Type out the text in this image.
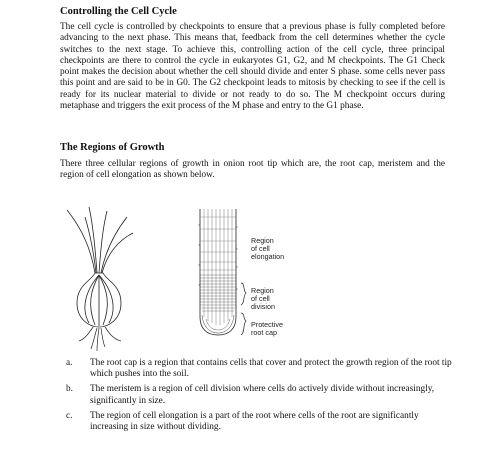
Controlling the Cell Cycle
The cell cycle is controlled by checkpoints to ensure that a previous phase is fully completed before advancing to the next phase. This means that, feedback from the cell determines whether the cycle switches to the next stage. To achieve this, controlling action of the cell cycle, three principal checkpoints are there to control the cycle in eukaryotes G1, G2, and M checkpoints. The G1 Check point makes the decision about whether the cell should divide and enter S phase. some cells never pass this point and are said to be in G0. The G2 checkpoint leads to mitosis by checking to see if the cell is ready for its nuclear material to divide or not ready to do so. The M checkpoint occurs during metaphase and triggers the exit process of the M phase and entry to the G1 phase.
The Regions of Growth
There three cellular regions of growth in onion root tip which are, the root cap, meristem and the region of cell elongation as shown below.
Region
of cell
elongation
Region
of cell
division
Protective
root cap
a. The root cap is a region that contains cells that cover and protect the growth region of the root tip which pushes into the soil.
b. The meristem is a region of cell division where cells do actively divide without increasingly, significantly in size.
c. The region of cell elongation is a part of the root where cells of the root are significantly increasing in size without dividing.
